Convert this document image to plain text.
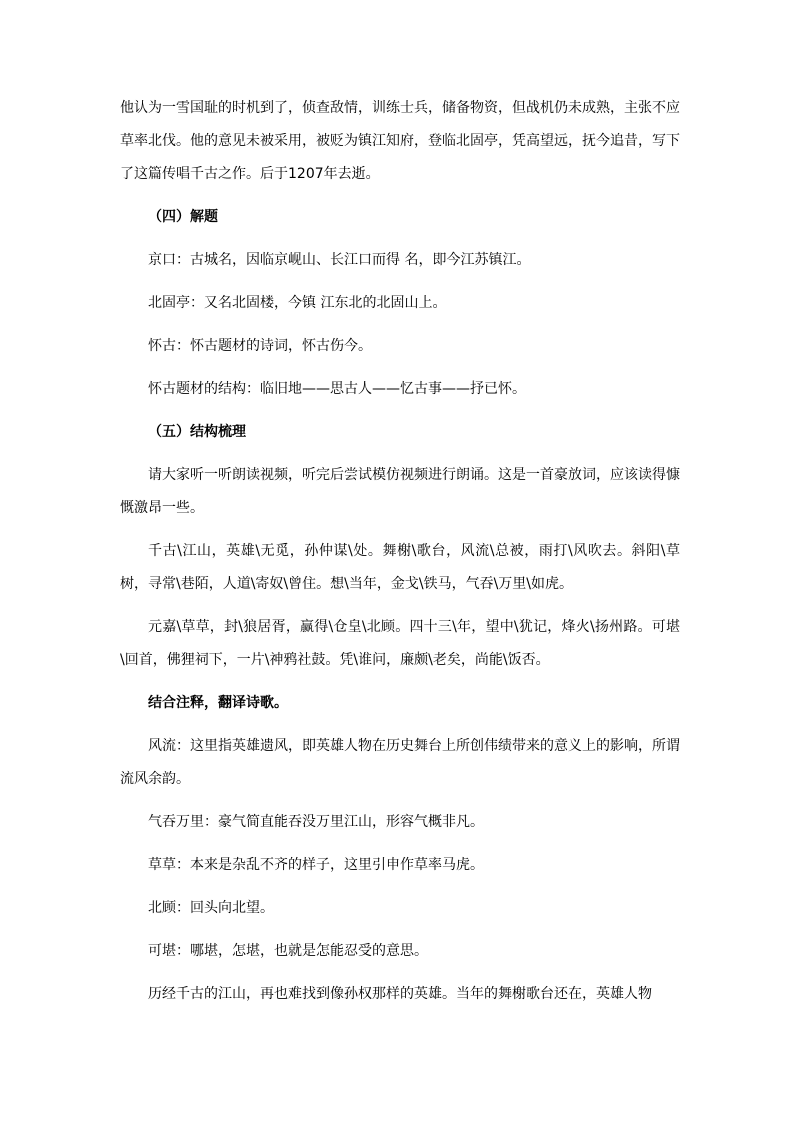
他认为一雪国耻的时机到了，侦查敌情，训练士兵，储备物资，但战机仍未成熟，主张不应草率北伐。他的意见未被采用，被贬为镇江知府，登临北固亭，凭高望远，抚今追昔，写下了这篇传唱千古之作。后于1207年去逝。

（四）解题

京口：古城名，因临京岘山、长江口而得 名，即今江苏镇江。

北固亭：又名北固楼，今镇 江东北的北固山上。

怀古：怀古题材的诗词，怀古伤今。

怀古题材的结构：临旧地——思古人——忆古事——抒已怀。

（五）结构梳理

请大家听一听朗读视频，听完后尝试模仿视频进行朗诵。这是一首豪放词，应该读得慷慨激昂一些。

千古\江山，英雄\无觅，孙仲谋\处。舞榭\歌台，风流\总被，雨打\风吹去。斜阳\草树，寻常\巷陌，人道\寄奴\曾住。想\当年，金戈\铁马，气吞\万里\如虎。

元嘉\草草，封\狼居胥，赢得\仓皇\北顾。四十三\年，望中\犹记，烽火\扬州路。可堪\回首，佛狸祠下，一片\神鸦社鼓。凭\谁问，廉颇\老矣，尚能\饭否。

结合注释，翻译诗歌。

风流：这里指英雄遗风，即英雄人物在历史舞台上所创伟绩带来的意义上的影响，所谓流风余韵。

气吞万里：豪气简直能吞没万里江山，形容气概非凡。

草草：本来是杂乱不齐的样子，这里引申作草率马虎。

北顾：回头向北望。

可堪：哪堪，怎堪，也就是怎能忍受的意思。

历经千古的江山，再也难找到像孙权那样的英雄。当年的舞榭歌台还在，英雄人物
